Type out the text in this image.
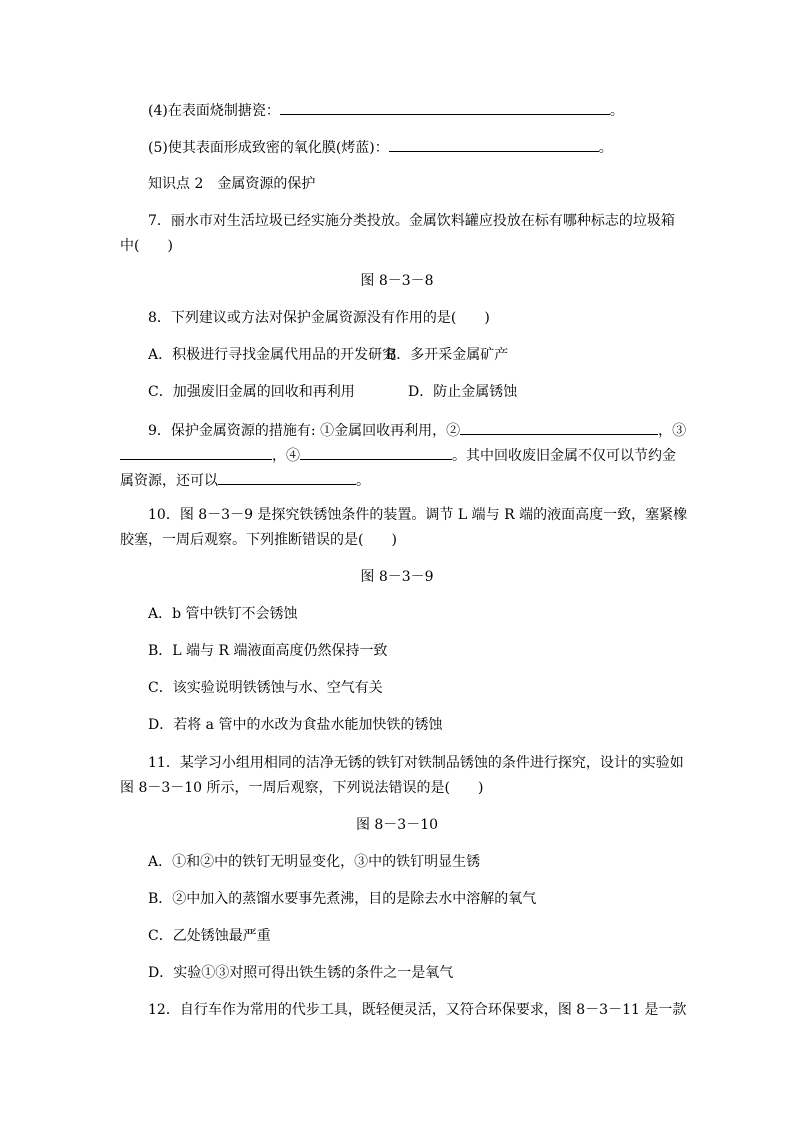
(4)在表面烧制搪瓷：	。
(5)使其表面形成致密的氧化膜(烤蓝)：	。
知识点 2　金属资源的保护
7．丽水市对生活垃圾已经实施分类投放。金属饮料罐应投放在标有哪种标志的垃圾箱
中(　　)
图 8－3－8
8．下列建议或方法对保护金属资源没有作用的是(　　)
A．积极进行寻找金属代用品的开发研究
B．多开采金属矿产
C．加强废旧金属的回收和再利用	D．防止金属锈蚀
9．保护金属资源的措施有: ①金属回收再利用，②	，③
，④	。其中回收废旧金属不仅可以节约金
属资源，还可以	。
10．图 8－3－9 是探究铁锈蚀条件的装置。调节 L 端与 R 端的液面高度一致，塞紧橡
胶塞，一周后观察。下列推断错误的是(　　)
图 8－3－9
A．b 管中铁钉不会锈蚀
B．L 端与 R 端液面高度仍然保持一致
C．该实验说明铁锈蚀与水、空气有关
D．若将 a 管中的水改为食盐水能加快铁的锈蚀
11．某学习小组用相同的洁净无锈的铁钉对铁制品锈蚀的条件进行探究，设计的实验如
图 8－3－10 所示，一周后观察，下列说法错误的是(　　)
图 8－3－10
A．①和②中的铁钉无明显变化，③中的铁钉明显生锈
B．②中加入的蒸馏水要事先煮沸，目的是除去水中溶解的氧气
C．乙处锈蚀最严重
D．实验①③对照可得出铁生锈的条件之一是氧气
12．自行车作为常用的代步工具，既轻便灵活，又符合环保要求，图 8－3－11 是一款
